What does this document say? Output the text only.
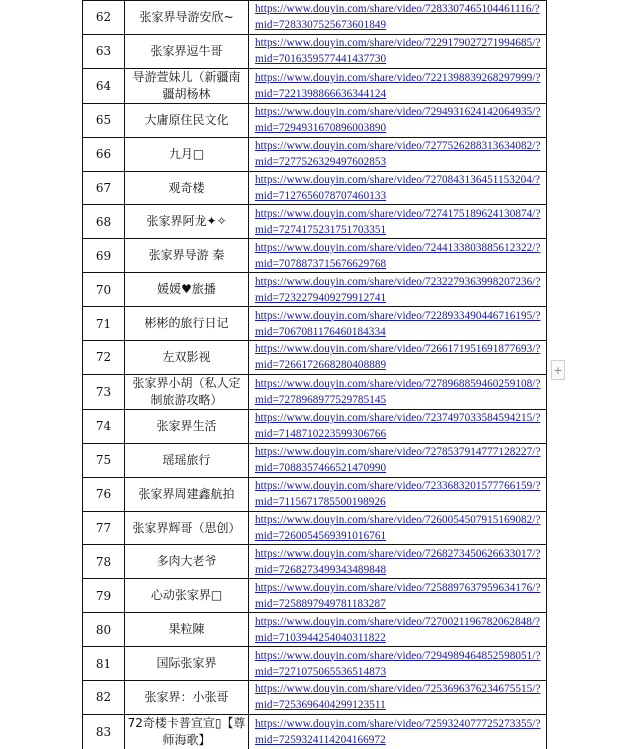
62	张家界导游安欣~	https://www.douyin.com/share/video/7283307465104461116/?mid=7283307525673601849

63	张家界逗牛哥	https://www.douyin.com/share/video/7229179027271994685/?mid=7016359577441437730

64	导游萱妹儿（新疆南疆胡杨林	https://www.douyin.com/share/video/7221398839268297999/?mid=7221398866636344124

65	大庸原住民文化	https://www.douyin.com/share/video/7294931624142064935/?mid=7294931670896003890

66	九月□	https://www.douyin.com/share/video/7277526288313634082/?mid=7277526329497602853

67	观奇楼	https://www.douyin.com/share/video/7270843136451153204/?mid=7127656078707460133

68	张家界阿龙✦✧	https://www.douyin.com/share/video/7274175189624130874/?mid=7274175231751703351

69	张家界导游 秦	https://www.douyin.com/share/video/7244133803885612322/?mid=7078873715676629768

70	媛媛♥旅播	https://www.douyin.com/share/video/7232279363998207236/?mid=7232279409279912741

71	彬彬的旅行日记	https://www.douyin.com/share/video/7228933490446716195/?mid=7067081176460184334

72	左双影视	https://www.douyin.com/share/video/7266171951691877693/?mid=7266172668280408889

73	张家界小胡（私人定制旅游攻略）	https://www.douyin.com/share/video/7278968859460259108/?mid=7278968977529785145

74	张家界生活	https://www.douyin.com/share/video/7237497033584594215/?mid=7148710223599306766

75	瑶瑶旅行	https://www.douyin.com/share/video/7278537914777128227/?mid=7088357466521470990

76	张家界周建鑫航拍	https://www.douyin.com/share/video/7233683201577766159/?mid=7115671785500198926

77	张家界辉哥（思创）	https://www.douyin.com/share/video/7260054507915169082/?mid=7260054569391016761

78	多肉大老爷	https://www.douyin.com/share/video/7268273450626633017/?mid=7268273499343489848

79	心动张家界□	https://www.douyin.com/share/video/7258897637959634176/?mid=7258897949781183287

80	果粒陳	https://www.douyin.com/share/video/7270021196782062848/?mid=7103944254040311822

81	国际张家界	https://www.douyin.com/share/video/7294989464852598051/?mid=7271075065536514873

82	张家界：小张哥	https://www.douyin.com/share/video/7253696376234675515/?mid=7253696404299123511

83	72奇楼卡普宣宣▯【尊师海歌】	https://www.douyin.com/share/video/7259324077725273355/?mid=7259324114204166972
+
